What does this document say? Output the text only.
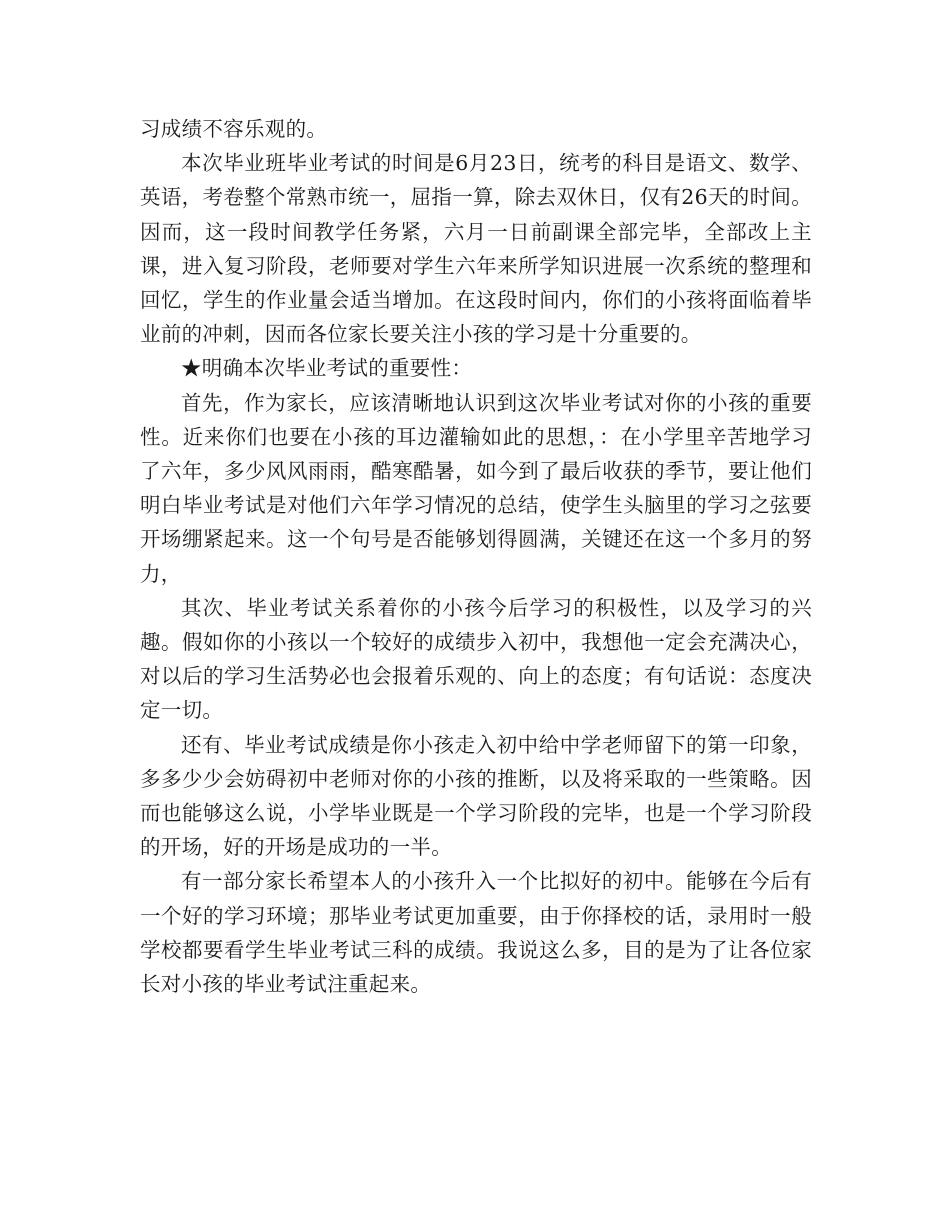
习成绩不容乐观的。

本次毕业班毕业考试的时间是6月23日，统考的科目是语文、数学、英语，考卷整个常熟市统一，屈指一算，除去双休日，仅有26天的时间。因而，这一段时间教学任务紧，六月一日前副课全部完毕，全部改上主课，进入复习阶段，老师要对学生六年来所学知识进展一次系统的整理和回忆，学生的作业量会适当增加。在这段时间内，你们的小孩将面临着毕业前的冲刺，因而各位家长要关注小孩的学习是十分重要的。

★明确本次毕业考试的重要性：

首先，作为家长，应该清晰地认识到这次毕业考试对你的小孩的重要性。近来你们也要在小孩的耳边灌输如此的思想，：在小学里辛苦地学习了六年，多少风风雨雨，酷寒酷暑，如今到了最后收获的季节，要让他们明白毕业考试是对他们六年学习情况的总结，使学生头脑里的学习之弦要开场绷紧起来。这一个句号是否能够划得圆满，关键还在这一个多月的努力，

其次、毕业考试关系着你的小孩今后学习的积极性，以及学习的兴趣。假如你的小孩以一个较好的成绩步入初中，我想他一定会充满决心，对以后的学习生活势必也会报着乐观的、向上的态度；有句话说：态度决定一切。

还有、毕业考试成绩是你小孩走入初中给中学老师留下的第一印象，多多少少会妨碍初中老师对你的小孩的推断，以及将采取的一些策略。因而也能够这么说，小学毕业既是一个学习阶段的完毕，也是一个学习阶段的开场，好的开场是成功的一半。

有一部分家长希望本人的小孩升入一个比拟好的初中。能够在今后有一个好的学习环境；那毕业考试更加重要，由于你择校的话，录用时一般学校都要看学生毕业考试三科的成绩。我说这么多，目的是为了让各位家长对小孩的毕业考试注重起来。
